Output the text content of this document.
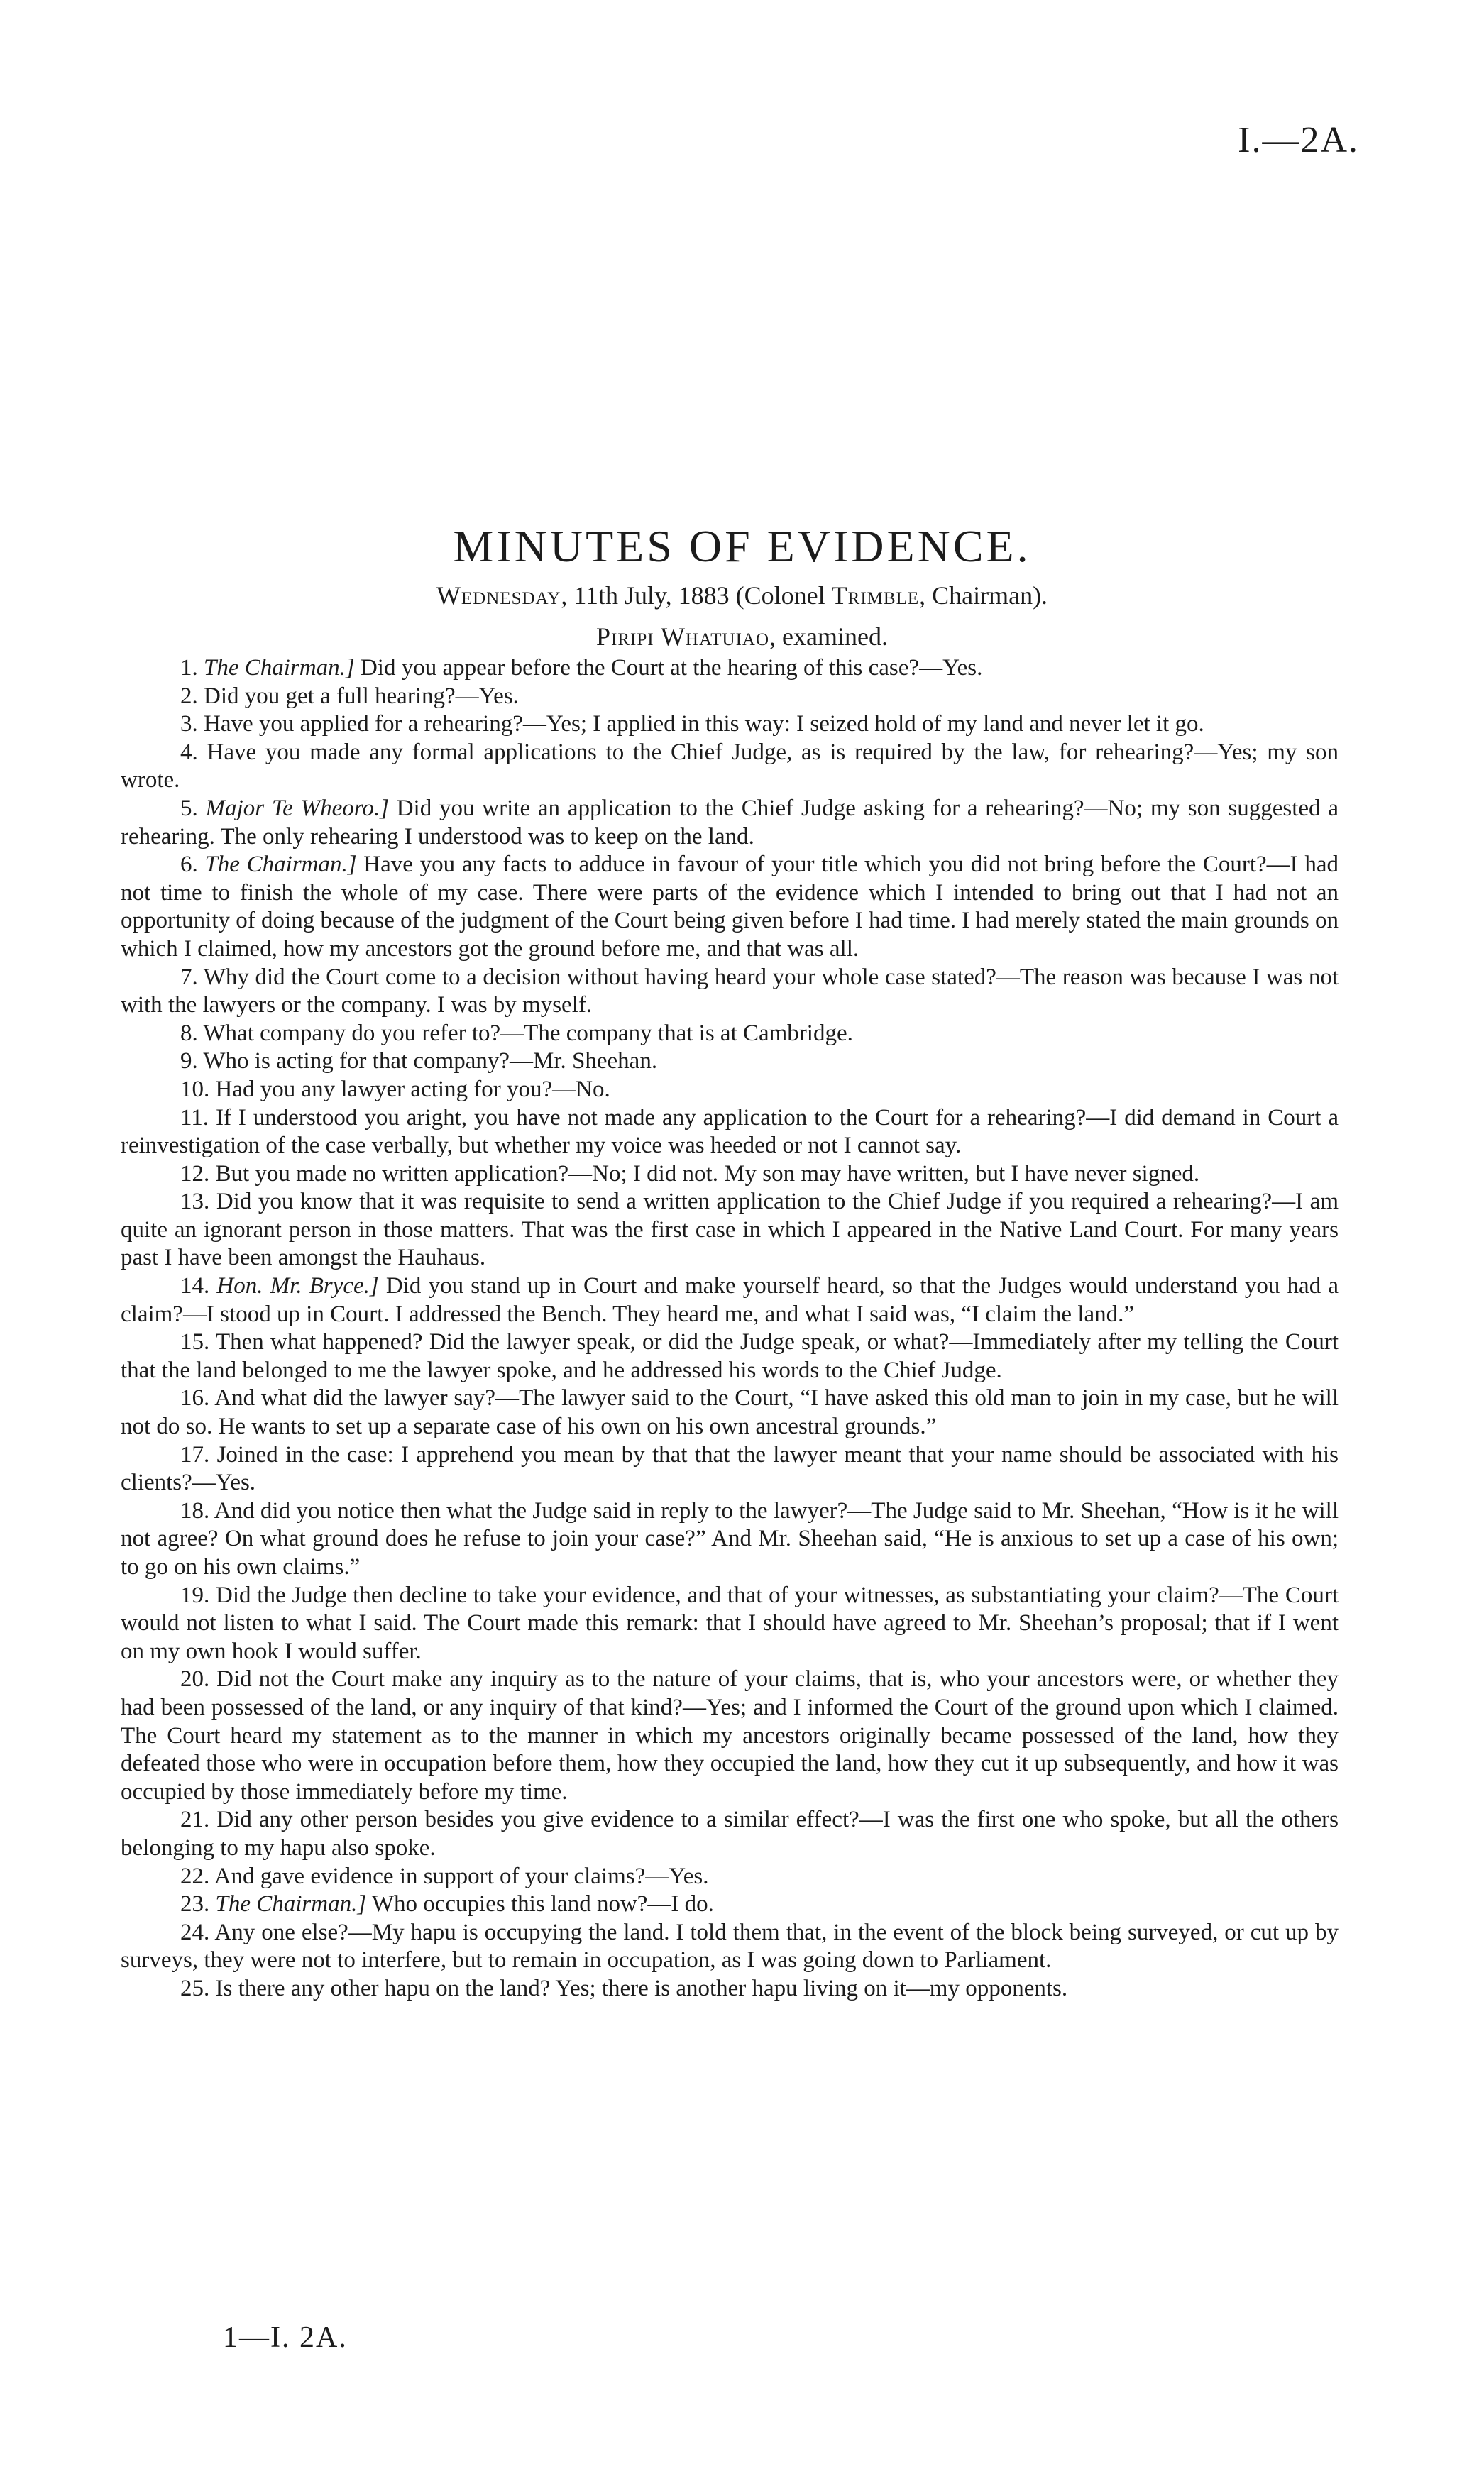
I.—2A.
MINUTES OF EVIDENCE.
Wednesday, 11th July, 1883 (Colonel Trimble, Chairman).
Piripi Whatuiao, examined.

1. The Chairman.] Did you appear before the Court at the hearing of this case?—Yes.

2. Did you get a full hearing?—Yes.

3. Have you applied for a rehearing?—Yes; I applied in this way: I seized hold of my land and never let it go.

4. Have you made any formal applications to the Chief Judge, as is required by the law, for rehearing?—Yes; my son wrote.

5. Major Te Wheoro.] Did you write an application to the Chief Judge asking for a rehearing?—No; my son suggested a rehearing. The only rehearing I understood was to keep on the land.

6. The Chairman.] Have you any facts to adduce in favour of your title which you did not bring before the Court?—I had not time to finish the whole of my case. There were parts of the evidence which I intended to bring out that I had not an opportunity of doing because of the judgment of the Court being given before I had time. I had merely stated the main grounds on which I claimed, how my ancestors got the ground before me, and that was all.

7. Why did the Court come to a decision without having heard your whole case stated?—The reason was because I was not with the lawyers or the company. I was by myself.

8. What company do you refer to?—The company that is at Cambridge.

9. Who is acting for that company?—Mr. Sheehan.

10. Had you any lawyer acting for you?—No.

11. If I understood you aright, you have not made any application to the Court for a rehearing?—I did demand in Court a reinvestigation of the case verbally, but whether my voice was heeded or not I cannot say.

12. But you made no written application?—No; I did not. My son may have written, but I have never signed.

13. Did you know that it was requisite to send a written application to the Chief Judge if you required a rehearing?—I am quite an ignorant person in those matters. That was the first case in which I appeared in the Native Land Court. For many years past I have been amongst the Hauhaus.

14. Hon. Mr. Bryce.] Did you stand up in Court and make yourself heard, so that the Judges would understand you had a claim?—I stood up in Court. I addressed the Bench. They heard me, and what I said was, “I claim the land.”

15. Then what happened? Did the lawyer speak, or did the Judge speak, or what?—Immediately after my telling the Court that the land belonged to me the lawyer spoke, and he addressed his words to the Chief Judge.

16. And what did the lawyer say?—The lawyer said to the Court, “I have asked this old man to join in my case, but he will not do so. He wants to set up a separate case of his own on his own ancestral grounds.”

17. Joined in the case: I apprehend you mean by that that the lawyer meant that your name should be associated with his clients?—Yes.

18. And did you notice then what the Judge said in reply to the lawyer?—The Judge said to Mr. Sheehan, “How is it he will not agree? On what ground does he refuse to join your case?” And Mr. Sheehan said, “He is anxious to set up a case of his own; to go on his own claims.”

19. Did the Judge then decline to take your evidence, and that of your witnesses, as substantiating your claim?—The Court would not listen to what I said. The Court made this remark: that I should have agreed to Mr. Sheehan’s proposal; that if I went on my own hook I would suffer.

20. Did not the Court make any inquiry as to the nature of your claims, that is, who your ancestors were, or whether they had been possessed of the land, or any inquiry of that kind?—Yes; and I informed the Court of the ground upon which I claimed. The Court heard my statement as to the manner in which my ancestors originally became possessed of the land, how they defeated those who were in occupation before them, how they occupied the land, how they cut it up subsequently, and how it was occupied by those immediately before my time.

21. Did any other person besides you give evidence to a similar effect?—I was the first one who spoke, but all the others belonging to my hapu also spoke.

22. And gave evidence in support of your claims?—Yes.

23. The Chairman.] Who occupies this land now?—I do.

24. Any one else?—My hapu is occupying the land. I told them that, in the event of the block being surveyed, or cut up by surveys, they were not to interfere, but to remain in occupation, as I was going down to Parliament.

25. Is there any other hapu on the land? Yes; there is another hapu living on it—my opponents.

1—I. 2A.
